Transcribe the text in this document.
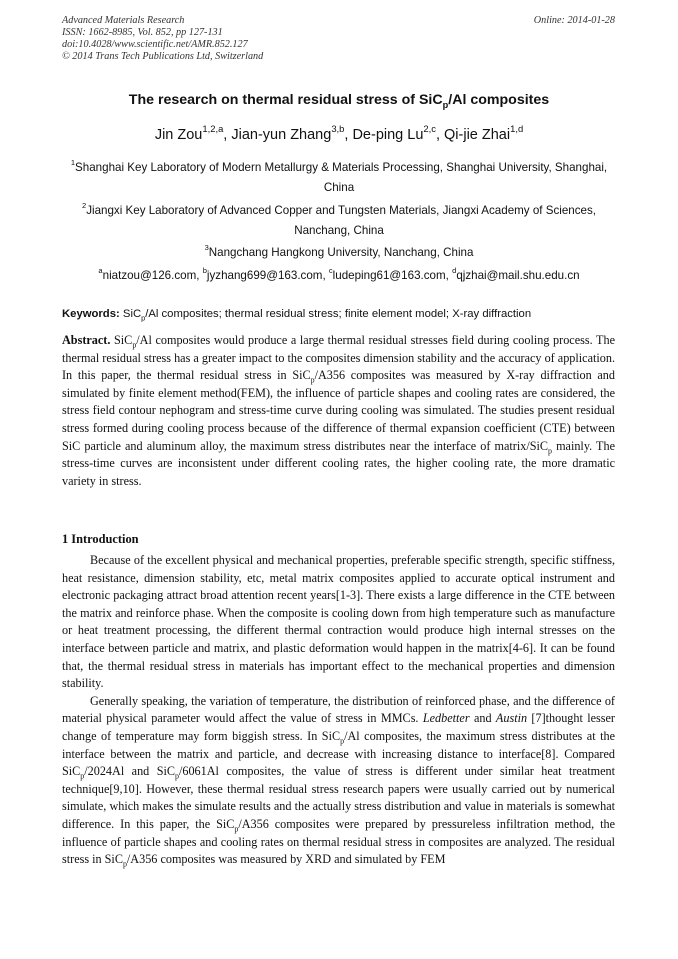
Advanced Materials Research
ISSN: 1662-8985, Vol. 852, pp 127-131
doi:10.4028/www.scientific.net/AMR.852.127
© 2014 Trans Tech Publications Ltd, Switzerland
Online: 2014-01-28
The research on thermal residual stress of SiC$_p$/Al composites
Jin Zou$^{1,2,a}$, Jian-yun Zhang$^{3,b}$, De-ping Lu$^{2,c}$, Qi-jie Zhai$^{1,d}$
$^1$Shanghai Key Laboratory of Modern Metallurgy & Materials Processing, Shanghai University, Shanghai, China
$^2$Jiangxi Key Laboratory of Advanced Copper and Tungsten Materials, Jiangxi Academy of Sciences, Nanchang, China
$^3$Nangchang Hangkong University, Nanchang, China
$^a$niatzou@126.com, $^b$jyzhang699@163.com, $^c$ludeping61@163.com, $^d$qjzhai@mail.shu.edu.cn
Keywords: SiC$_p$/Al composites; thermal residual stress; finite element model; X-ray diffraction
Abstract. SiC$_p$/Al composites would produce a large thermal residual stresses field during cooling process. The thermal residual stress has a greater impact to the composites dimension stability and the accuracy of application. In this paper, the thermal residual stress in SiC$_p$/A356 composites was measured by X-ray diffraction and simulated by finite element method(FEM), the influence of particle shapes and cooling rates are considered, the stress field contour nephogram and stress-time curve during cooling was simulated. The studies present residual stress formed during cooling process because of the difference of thermal expansion coefficient (CTE) between SiC particle and aluminum alloy, the maximum stress distributes near the interface of matrix/SiC$_p$ mainly. The stress-time curves are inconsistent under different cooling rates, the higher cooling rate, the more dramatic variety in stress.
1 Introduction

Because of the excellent physical and mechanical properties, preferable specific strength, specific stiffness, heat resistance, dimension stability, etc, metal matrix composites applied to accurate optical instrument and electronic packaging attract broad attention recent years[1-3]. There exists a large difference in the CTE between the matrix and reinforce phase. When the composite is cooling down from high temperature such as manufacture or heat treatment processing, the different thermal contraction would produce high internal stresses on the interface between particle and matrix, and plastic deformation would happen in the matrix[4-6]. It can be found that, the thermal residual stress in materials has important effect to the mechanical properties and dimension stability.

Generally speaking, the variation of temperature, the distribution of reinforced phase, and the difference of material physical parameter would affect the value of stress in MMCs. Ledbetter and Austin [7]thought lesser change of temperature may form biggish stress. In SiC$_p$/Al composites, the maximum stress distributes at the interface between the matrix and particle, and decrease with increasing distance to interface[8]. Compared SiC$_p$/2024Al and SiC$_p$/6061Al composites, the value of stress is different under similar heat treatment technique[9,10]. However, these thermal residual stress research papers were usually carried out by numerical simulate, which makes the simulate results and the actually stress distribution and value in materials is somewhat difference. In this paper, the SiC$_p$/A356 composites were prepared by pressureless infiltration method, the influence of particle shapes and cooling rates on thermal residual stress in composites are analyzed. The residual stress in SiC$_p$/A356 composites was measured by XRD and simulated by FEM
